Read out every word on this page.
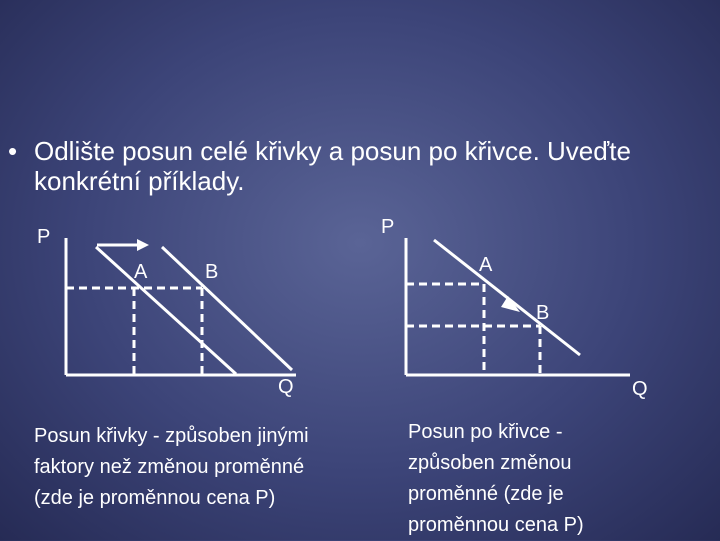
• Odlište posun celé křivky a posun po křivce. Uveďte konkrétní příklady.
P
A	B
Q
P
A
B
Q
Posun křivky - způsoben jinými faktory než změnou proměnné (zde je proměnnou cena P)
Posun po křivce - způsoben změnou proměnné (zde je proměnnou cena P)
